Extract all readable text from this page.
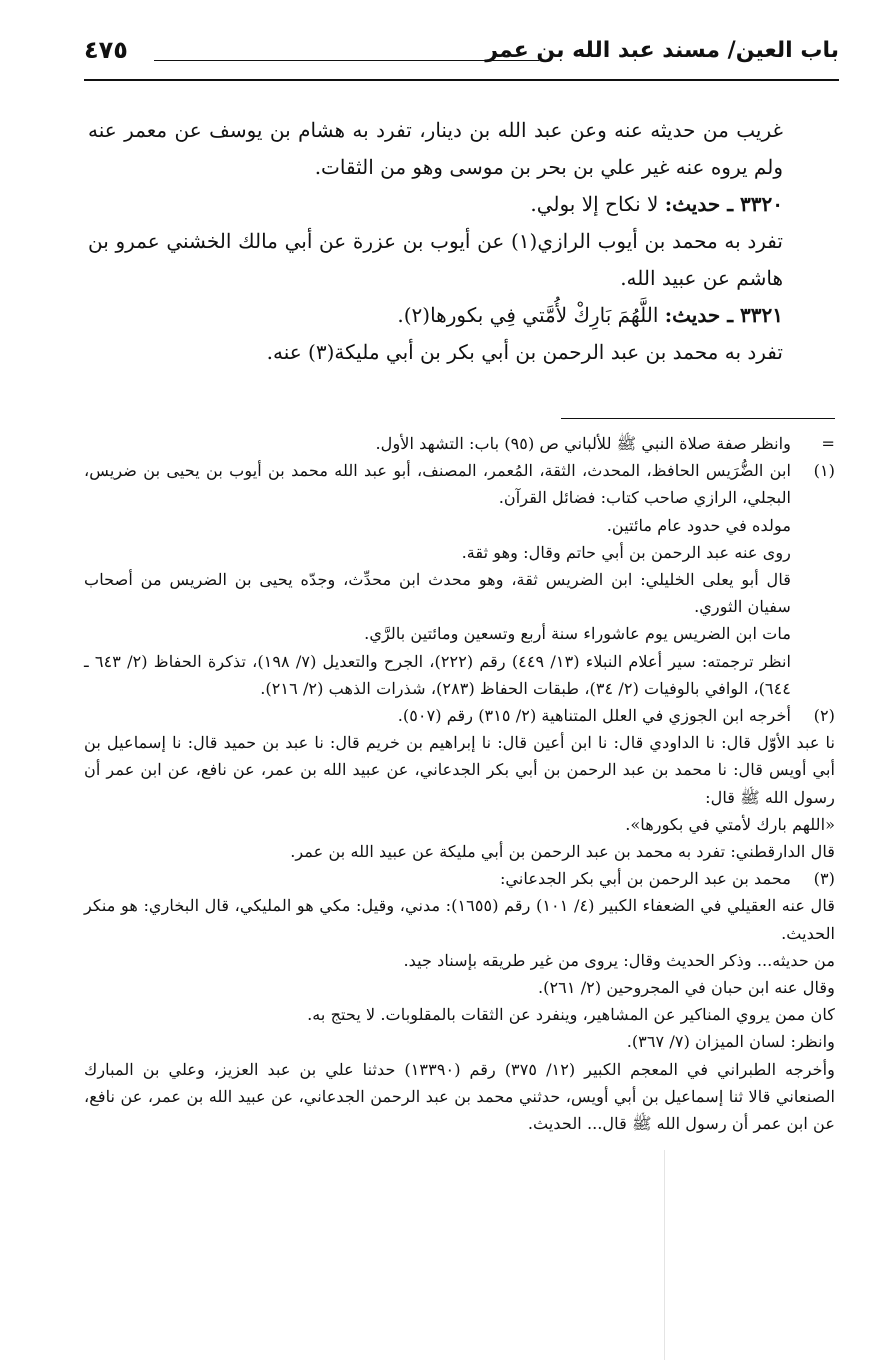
باب العين/ مسند عبد الله بن عمر
٤٧٥

غريب من حديثه عنه وعن عبد الله بن دينار، تفرد به هشام بن يوسف عن معمر عنه ولم يروه عنه غير علي بن بحر بن موسى وهو من الثقات.

٣٣٢٠ ـ حديث: لا نكاح إلا بولي.

تفرد به محمد بن أيوب الرازي(١) عن أيوب بن عزرة عن أبي مالك الخشني عمرو بن هاشم عن عبيد الله.

٣٣٢١ ـ حديث: اللَّهُمَ بَارِكْ لأُمَّتي فِي بكورها(٢).

تفرد به محمد بن عبد الرحمن بن أبي بكر بن أبي مليكة(٣) عنه.

=

وانظر صفة صلاة النبي ﷺ للألباني ص (٩٥) باب: التشهد الأول.

(١)

ابن الضُّرَيس الحافظ، المحدث، الثقة، المُعمر، المصنف، أبو عبد الله محمد بن أيوب بن يحيى بن ضريس، البجلي، الرازي صاحب كتاب: فضائل القرآن.

مولده في حدود عام مائتين.

روى عنه عبد الرحمن بن أبي حاتم وقال: وهو ثقة.

قال أبو يعلى الخليلي: ابن الضريس ثقة، وهو محدث ابن محدِّث، وجدّه يحيى بن الضريس من أصحاب سفيان الثوري.

مات ابن الضريس يوم عاشوراء سنة أربع وتسعين ومائتين بالرَّي.

انظر ترجمته: سير أعلام النبلاء (١٣/ ٤٤٩) رقم (٢٢٢)، الجرح والتعديل (٧/ ١٩٨)، تذكرة الحفاظ (٢/ ٦٤٣ ـ ٦٤٤)، الوافي بالوفيات (٢/ ٣٤)، طبقات الحفاظ (٢٨٣)، شذرات الذهب (٢/ ٢١٦).

(٢)

أخرجه ابن الجوزي في العلل المتناهية (٢/ ٣١٥) رقم (٥٠٧).

نا عبد الأوّل قال: نا الداودي قال: نا ابن أعين قال: نا إبراهيم بن خريم قال: نا عبد بن حميد قال: نا إسماعيل بن أبي أويس قال: نا محمد بن عبد الرحمن بن أبي بكر الجدعاني، عن عبيد الله بن عمر، عن نافع، عن ابن عمر أن رسول الله ﷺ قال:

«اللهم بارك لأمتي في بكورها».

قال الدارقطني: تفرد به محمد بن عبد الرحمن بن أبي مليكة عن عبيد الله بن عمر.

(٣)

محمد بن عبد الرحمن بن أبي بكر الجدعاني:

قال عنه العقيلي في الضعفاء الكبير (٤/ ١٠١) رقم (١٦٥٥): مدني، وقيل: مكي هو المليكي، قال البخاري: هو منكر الحديث.

من حديثه... وذكر الحديث وقال: يروى من غير طريقه بإسناد جيد.

وقال عنه ابن حبان في المجروحين (٢/ ٢٦١).

كان ممن يروي المناكير عن المشاهير، وينفرد عن الثقات بالمقلوبات. لا يحتج به.

وانظر: لسان الميزان (٧/ ٣٦٧).

وأخرجه الطبراني في المعجم الكبير (١٢/ ٣٧٥) رقم (١٣٣٩٠) حدثنا علي بن عبد العزيز، وعلي بن المبارك الصنعاني قالا ثنا إسماعيل بن أبي أويس، حدثني محمد بن عبد الرحمن الجدعاني، عن عبيد الله بن عمر، عن نافع، عن ابن عمر أن رسول الله ﷺ قال... الحديث.
